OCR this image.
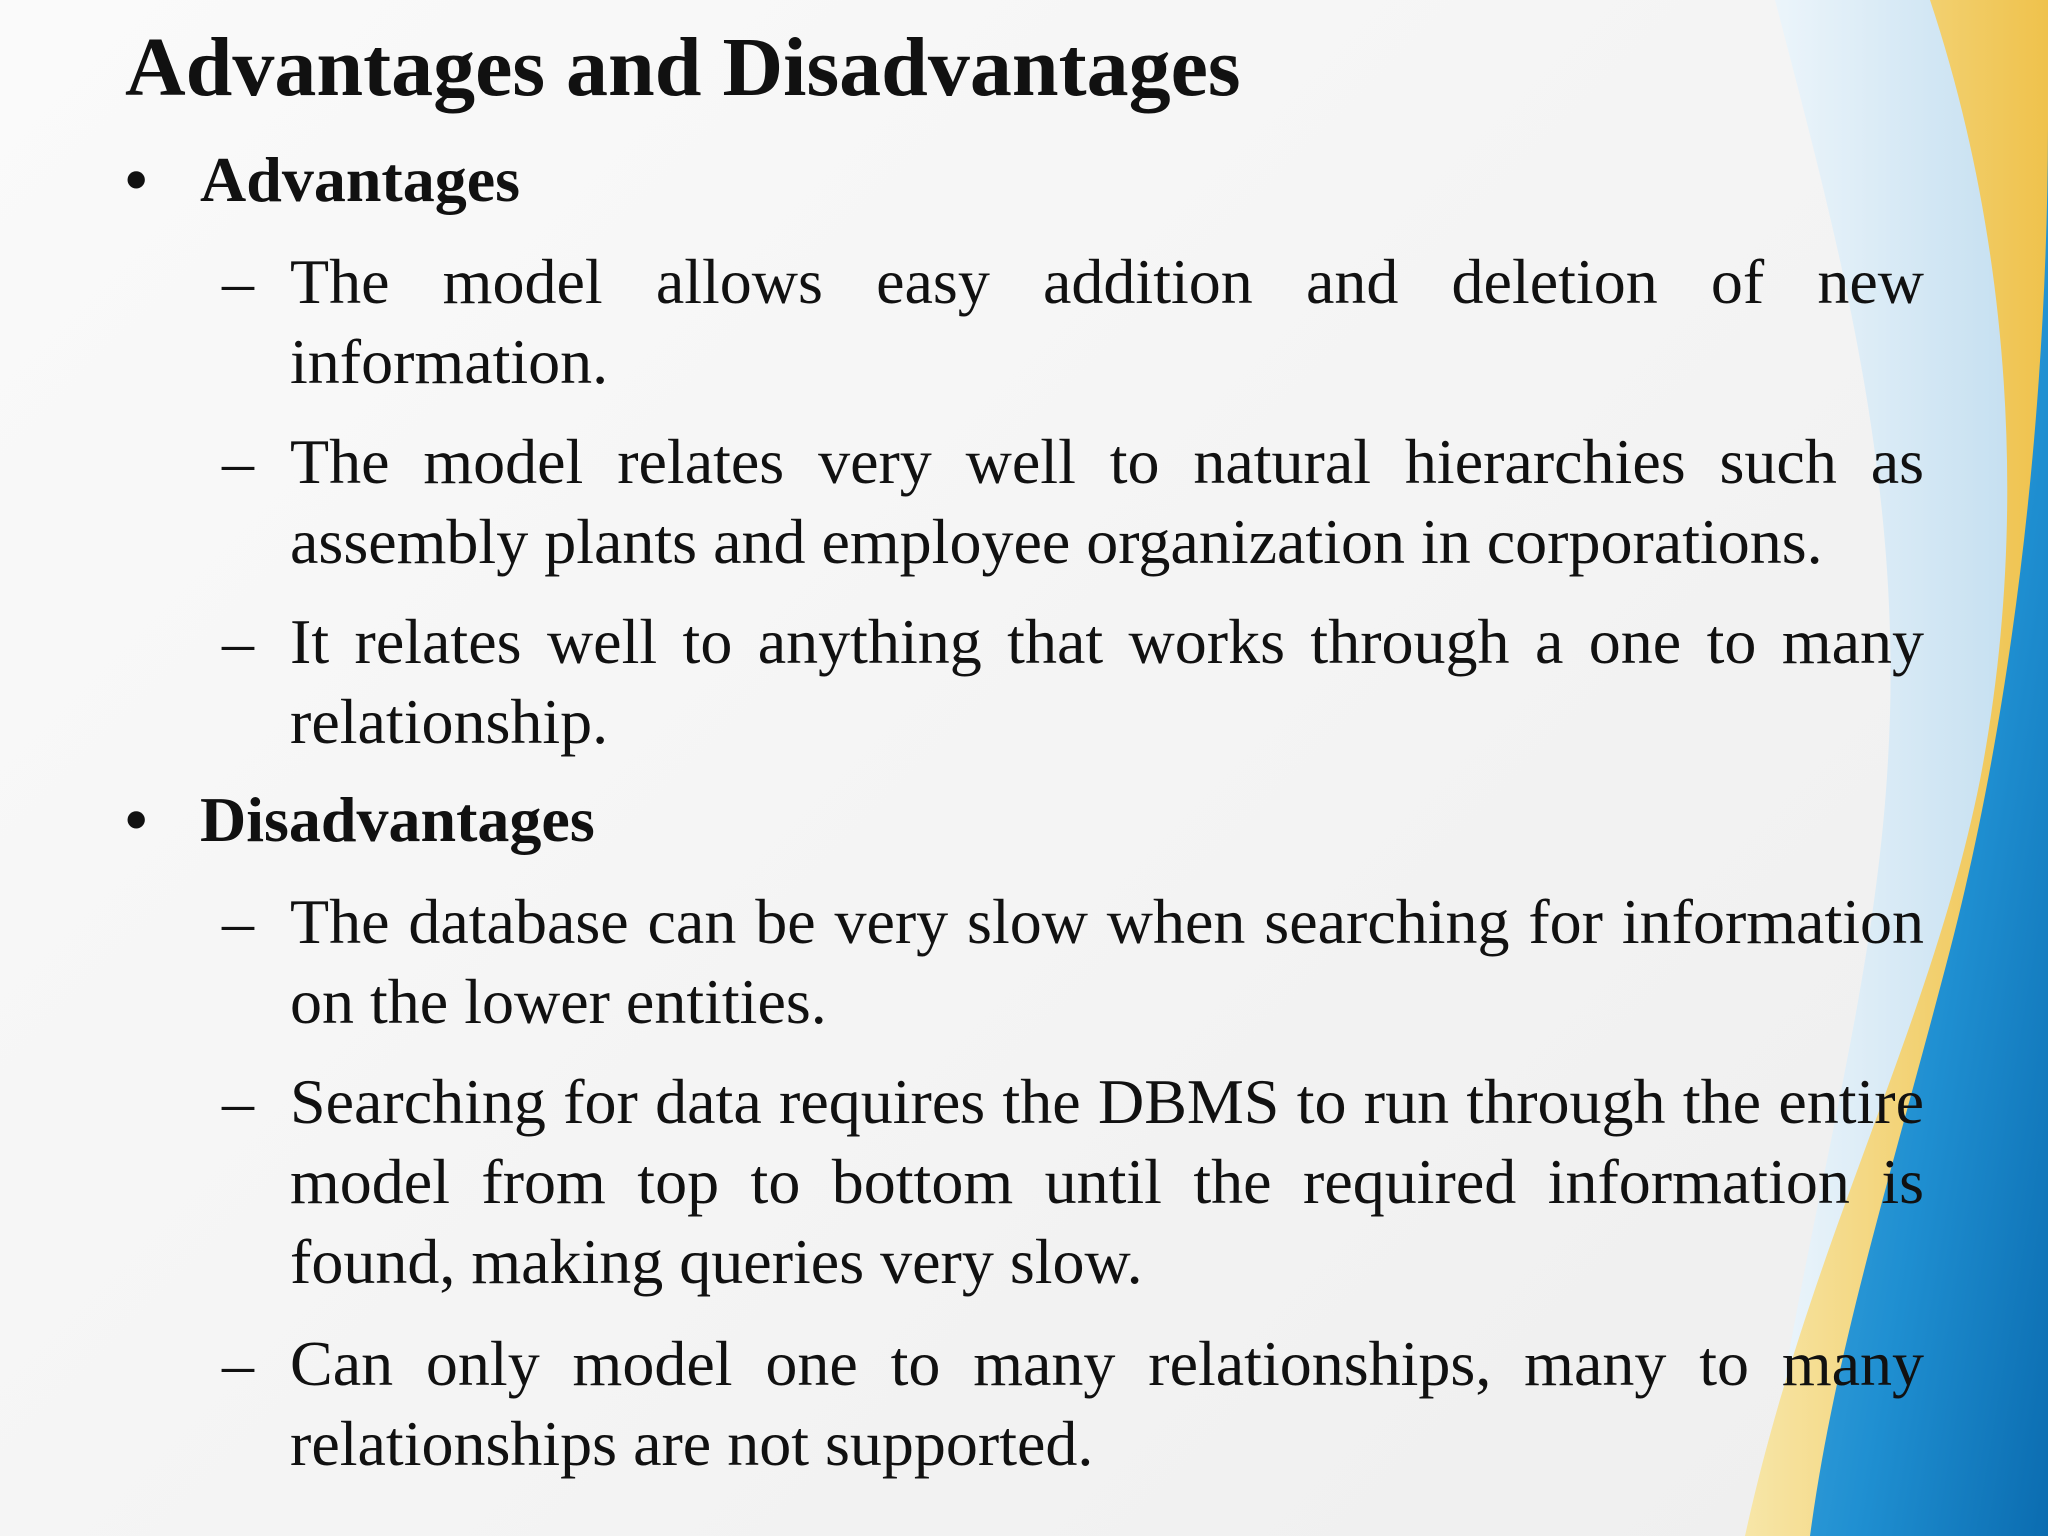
Advantages and Disadvantages
• Advantages
– The model allows easy addition and deletion of new information.
– The model relates very well to natural hierarchies such as assembly plants and employee organization in corporations.
– It relates well to anything that works through a one to many relationship.
• Disadvantages
– The database can be very slow when searching for information on the lower entities.
– Searching for data requires the DBMS to run through the entire model from top to bottom until the required information is found, making queries very slow.
– Can only model one to many relationships, many to many relationships are not supported.
